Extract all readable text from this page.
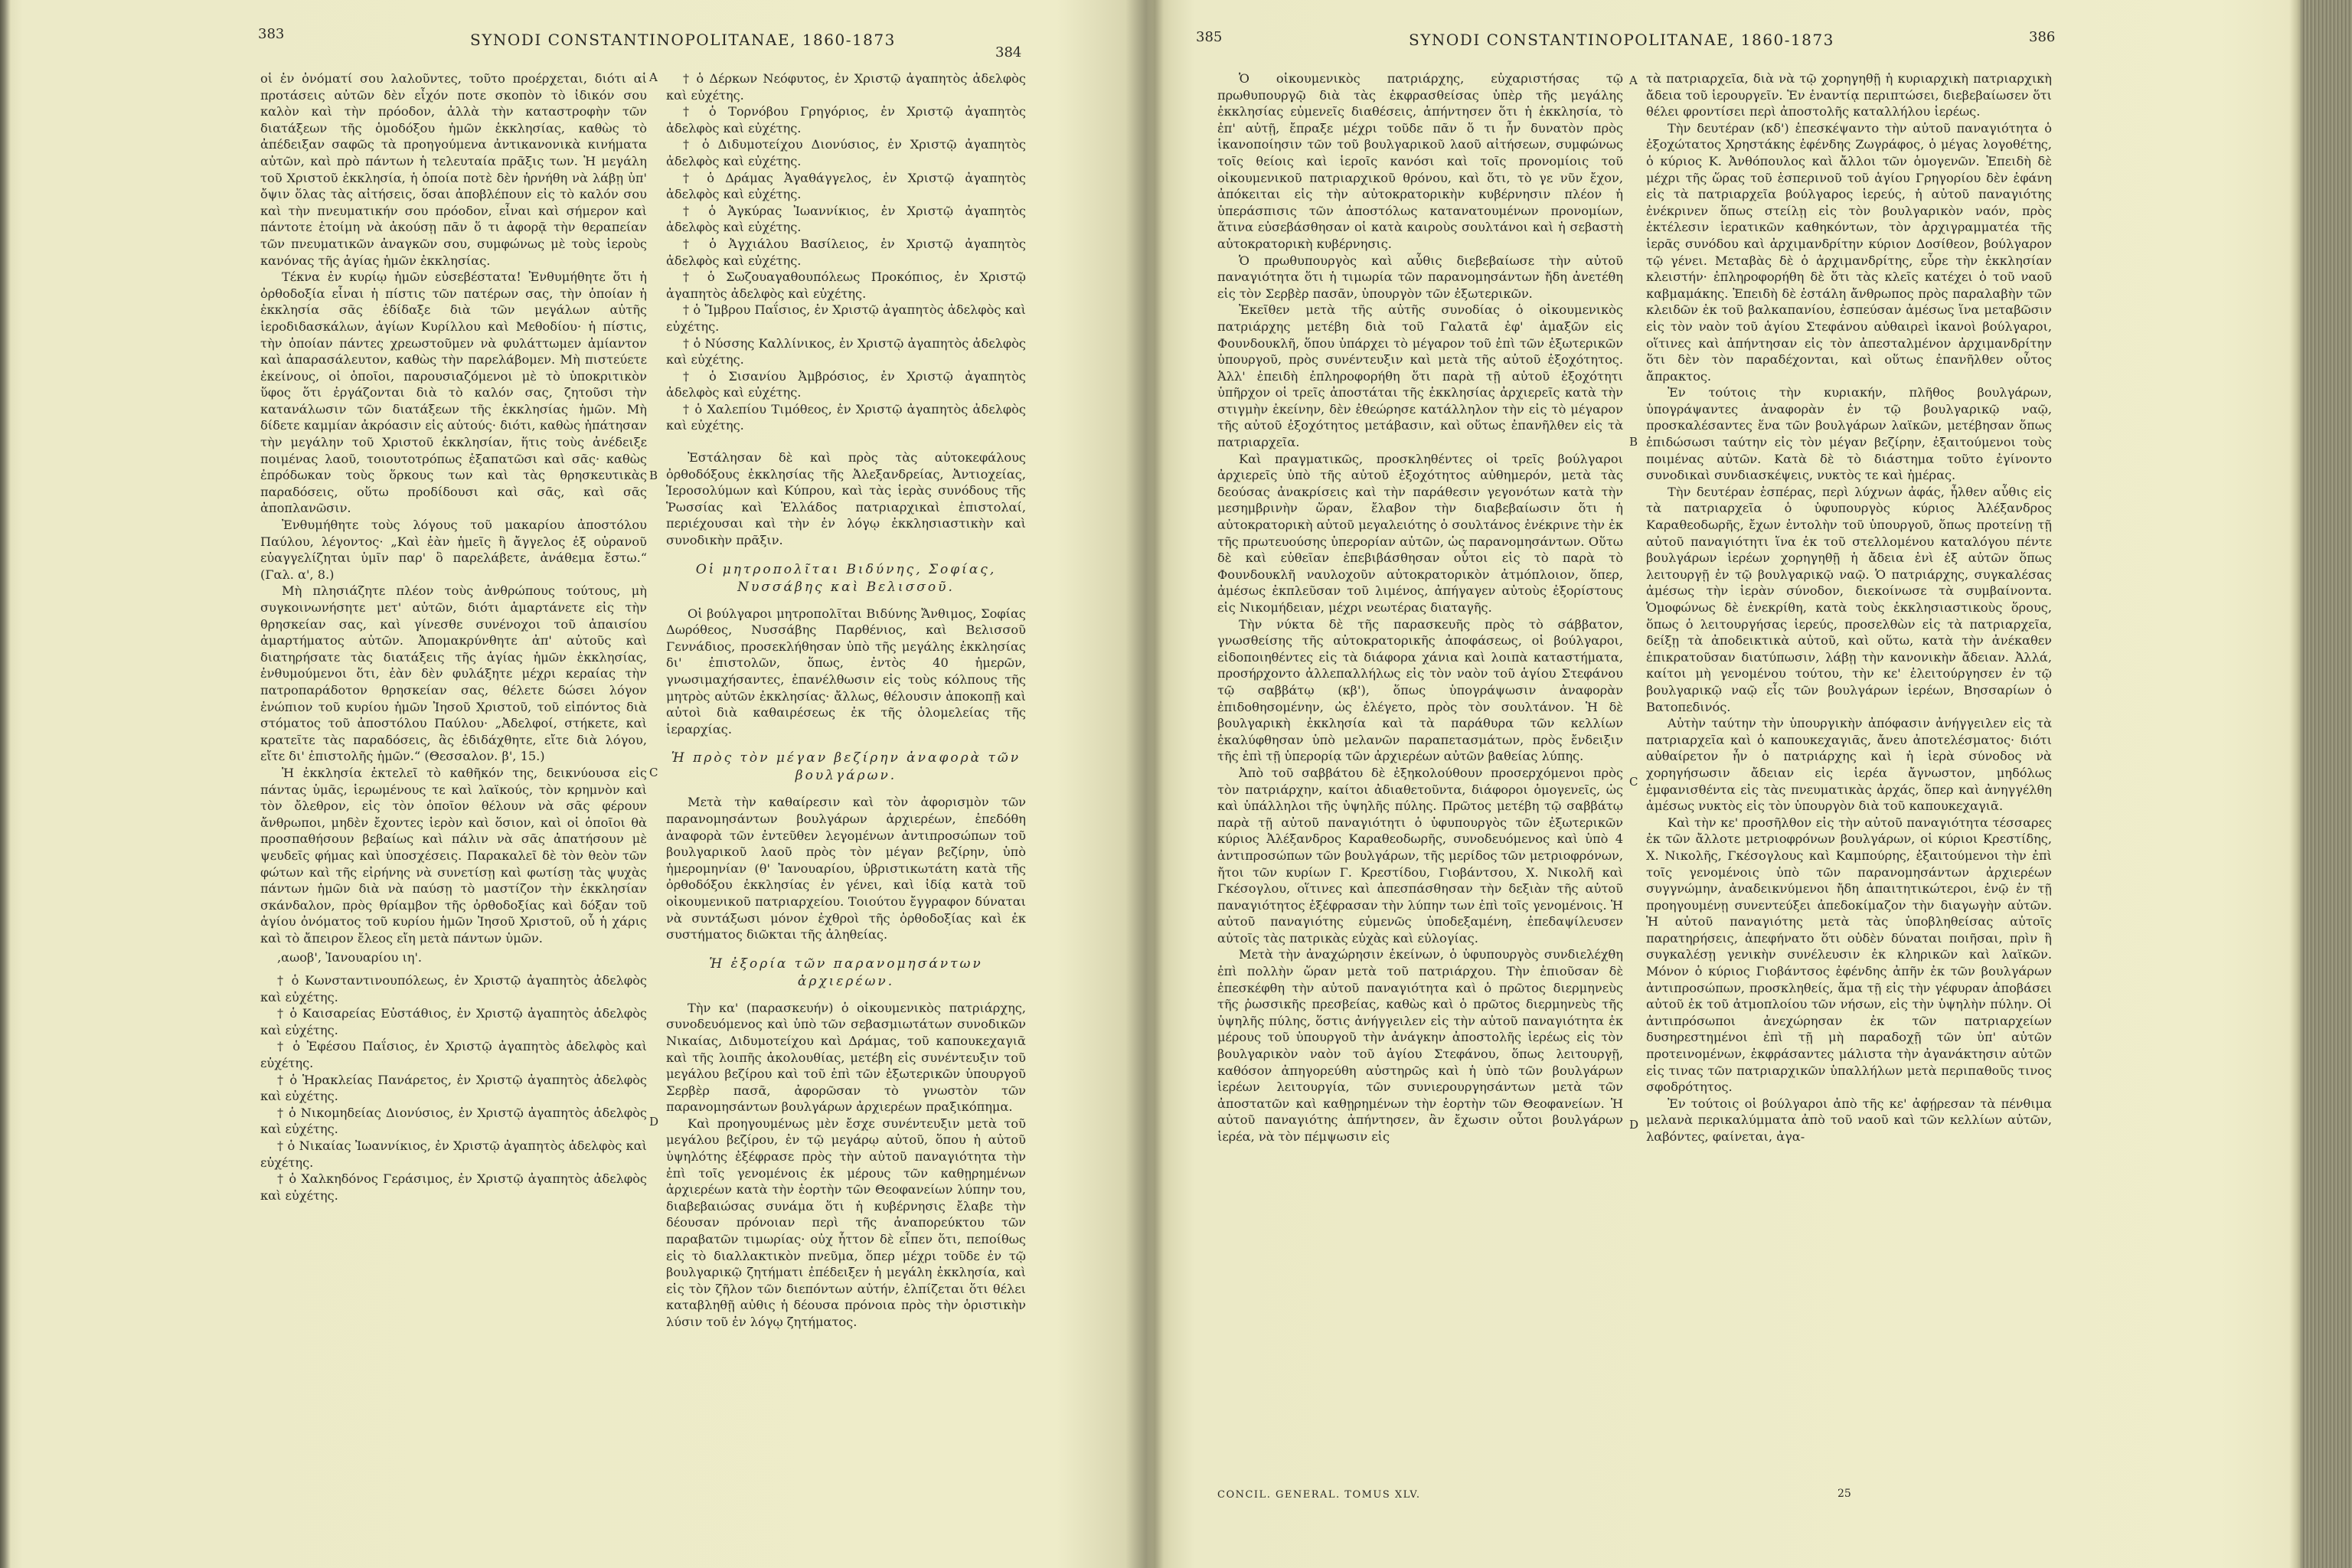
383	SYNODI CONSTANTINOPOLITANAE, 1860-1873
384

οἱ ἐν ὀνόματί σου λαλοῦντες, τοῦτο προέρχεται, διότι αἱ προτάσεις αὐτῶν δὲν εἶχόν ποτε σκοπὸν τὸ ἰδικόν σου καλὸν καὶ τὴν πρόοδον, ἀλλὰ τὴν καταστροφὴν τῶν διατάξεων τῆς ὁμοδόξου ἡμῶν ἐκκλησίας, καθὼς τὸ ἀπέδειξαν σαφῶς τὰ προηγούμενα ἀντικανονικὰ κινήματα αὐτῶν, καὶ πρὸ πάντων ἡ τελευταία πρᾶξις των. Ἡ μεγάλη τοῦ Χριστοῦ ἐκκλησία, ἡ ὁποία ποτὲ δὲν ἠρνήθη νὰ λάβῃ ὑπ' ὄψιν ὅλας τὰς αἰτήσεις, ὅσαι ἀποβλέπουν εἰς τὸ καλόν σου καὶ τὴν πνευματικήν σου πρόοδον, εἶναι καὶ σήμερον καὶ πάντοτε ἑτοίμη νὰ ἀκούσῃ πᾶν ὅ τι ἀφορᾷ τὴν θεραπείαν τῶν πνευματικῶν ἀναγκῶν σου, συμφώνως μὲ τοὺς ἱεροὺς κανόνας τῆς ἁγίας ἡμῶν ἐκκλησίας.

Τέκνα ἐν κυρίῳ ἡμῶν εὐσεβέστατα! Ἐνθυμήθητε ὅτι ἡ ὀρθοδοξία εἶναι ἡ πίστις τῶν πατέρων σας, τὴν ὁποίαν ἡ ἐκκλησία σᾶς ἐδίδαξε διὰ τῶν μεγάλων αὐτῆς ἱεροδιδασκάλων, ἁγίων Κυρίλλου καὶ Μεθοδίου· ἡ πίστις, τὴν ὁποίαν πάντες χρεωστοῦμεν νὰ φυλάττωμεν ἀμίαντον καὶ ἀπαρασάλευτον, καθὼς τὴν παρελάβομεν. Μὴ πιστεύετε ἐκείνους, οἱ ὁποῖοι, παρουσιαζόμενοι μὲ τὸ ὑποκριτικὸν ὕφος ὅτι ἐργάζονται διὰ τὸ καλόν σας, ζητοῦσι τὴν κατανάλωσιν τῶν διατάξεων τῆς ἐκκλησίας ἡμῶν. Μὴ δίδετε καμμίαν ἀκρόασιν εἰς αὐτούς· διότι, καθὼς ἠπάτησαν τὴν μεγάλην τοῦ Χριστοῦ ἐκκλησίαν, ἥτις τοὺς ἀνέδειξε ποιμένας λαοῦ, τοιουτοτρόπως ἐξαπατῶσι καὶ σᾶς· καθὼς ἐπρόδωκαν τοὺς ὅρκους των καὶ τὰς θρησκευτικὰς παραδόσεις, οὕτω προδίδουσι καὶ σᾶς, καὶ σᾶς ἀποπλανῶσιν.

Ἐνθυμήθητε τοὺς λόγους τοῦ μακαρίου ἀποστόλου Παύλου, λέγοντος· „Καὶ ἐὰν ἡμεῖς ἢ ἄγγελος ἐξ οὐρανοῦ εὐαγγελίζηται ὑμῖν παρ' ὃ παρελάβετε, ἀνάθεμα ἔστω.“ (Γαλ. α', 8.)

Μὴ πλησιάζητε πλέον τοὺς ἀνθρώπους τούτους, μὴ συγκοινωνήσητε μετ' αὐτῶν, διότι ἁμαρτάνετε εἰς τὴν θρησκείαν σας, καὶ γίνεσθε συνένοχοι τοῦ ἀπαισίου ἁμαρτήματος αὐτῶν. Ἀπομακρύνθητε ἀπ' αὐτοῦς καὶ διατηρήσατε τὰς διατάξεις τῆς ἁγίας ἡμῶν ἐκκλησίας, ἐνθυμούμενοι ὅτι, ἐὰν δὲν φυλάξητε μέχρι κεραίας τὴν πατροπαράδοτον θρησκείαν σας, θέλετε δώσει λόγον ἐνώπιον τοῦ κυρίου ἡμῶν Ἰησοῦ Χριστοῦ, τοῦ εἰπόντος διὰ στόματος τοῦ ἀποστόλου Παύλου· „Ἀδελφοί, στήκετε, καὶ κρατεῖτε τὰς παραδόσεις, ἃς ἐδιδάχθητε, εἴτε διὰ λόγου, εἴτε δι' ἐπιστολῆς ἡμῶν.“ (Θεσσαλον. β', 15.)

Ἡ ἐκκλησία ἐκτελεῖ τὸ καθῆκόν της, δεικνύουσα εἰς πάντας ὑμᾶς, ἱερωμένους τε καὶ λαϊκούς, τὸν κρημνὸν καὶ τὸν ὄλεθρον, εἰς τὸν ὁποῖον θέλουν νὰ σᾶς φέρουν ἄνθρωποι, μηδὲν ἔχοντες ἱερὸν καὶ ὅσιον, καὶ οἱ ὁποῖοι θὰ προσπαθήσουν βεβαίως καὶ πάλιν νὰ σᾶς ἀπατήσουν μὲ ψευδεῖς φήμας καὶ ὑποσχέσεις. Παρακαλεῖ δὲ τὸν θεὸν τῶν φώτων καὶ τῆς εἰρήνης νὰ συνετίσῃ καὶ φωτίσῃ τὰς ψυχὰς πάντων ἡμῶν διὰ νὰ παύσῃ τὸ μαστίζον τὴν ἐκκλησίαν σκάνδαλον, πρὸς θρίαμβον τῆς ὀρθοδοξίας καὶ δόξαν τοῦ ἁγίου ὀνόματος τοῦ κυρίου ἡμῶν Ἰησοῦ Χριστοῦ, οὗ ἡ χάρις καὶ τὸ ἄπειρον ἔλεος εἴη μετὰ πάντων ὑμῶν.

,αωοβ', Ἰανουαρίου ιη'.

† ὁ Κωνσταντινουπόλεως, ἐν Χριστῷ ἀγαπητὸς ἀδελφὸς καὶ εὐχέτης.

† ὁ Καισαρείας Εὐστάθιος, ἐν Χριστῷ ἀγαπητὸς ἀδελφὸς καὶ εὐχέτης.

† ὁ Ἐφέσου Παΐσιος, ἐν Χριστῷ ἀγαπητὸς ἀδελφὸς καὶ εὐχέτης.

† ὁ Ἡρακλείας Πανάρετος, ἐν Χριστῷ ἀγαπητὸς ἀδελφὸς καὶ εὐχέτης.

† ὁ Νικομηδείας Διονύσιος, ἐν Χριστῷ ἀγαπητὸς ἀδελφὸς καὶ εὐχέτης.

† ὁ Νικαίας Ἰωαννίκιος, ἐν Χριστῷ ἀγαπητὸς ἀδελφὸς καὶ εὐχέτης.

† ὁ Χαλκηδόνος Γεράσιμος, ἐν Χριστῷ ἀγαπητὸς ἀδελφὸς καὶ εὐχέτης.

† ὁ Δέρκων Νεόφυτος, ἐν Χριστῷ ἀγαπητὸς ἀδελφὸς καὶ εὐχέτης.

† ὁ Τορνόβου Γρηγόριος, ἐν Χριστῷ ἀγαπητὸς ἀδελφὸς καὶ εὐχέτης.

† ὁ Διδυμοτείχου Διονύσιος, ἐν Χριστῷ ἀγαπητὸς ἀδελφὸς καὶ εὐχέτης.

† ὁ Δράμας Ἀγαθάγγελος, ἐν Χριστῷ ἀγαπητὸς ἀδελφὸς καὶ εὐχέτης.

† ὁ Ἀγκύρας Ἰωαννίκιος, ἐν Χριστῷ ἀγαπητὸς ἀδελφὸς καὶ εὐχέτης.

† ὁ Ἀγχιάλου Βασίλειος, ἐν Χριστῷ ἀγαπητὸς ἀδελφὸς καὶ εὐχέτης.

† ὁ Σωζουαγαθουπόλεως Προκόπιος, ἐν Χριστῷ ἀγαπητὸς ἀδελφὸς καὶ εὐχέτης.

† ὁ Ἴμβρου Παΐσιος, ἐν Χριστῷ ἀγαπητὸς ἀδελφὸς καὶ εὐχέτης.

† ὁ Νύσσης Καλλίνικος, ἐν Χριστῷ ἀγαπητὸς ἀδελφὸς καὶ εὐχέτης.

† ὁ Σισανίου Ἀμβρόσιος, ἐν Χριστῷ ἀγαπητὸς ἀδελφὸς καὶ εὐχέτης.

† ὁ Χαλεπίου Τιμόθεος, ἐν Χριστῷ ἀγαπητὸς ἀδελφὸς καὶ εὐχέτης.

Ἐστάλησαν δὲ καὶ πρὸς τὰς αὐτοκεφάλους ὀρθοδόξους ἐκκλησίας τῆς Ἀλεξανδρείας, Ἀντιοχείας, Ἱεροσολύμων καὶ Κύπρου, καὶ τὰς ἱερὰς συνόδους τῆς Ῥωσσίας καὶ Ἑλλάδος πατριαρχικαὶ ἐπιστολαί, περιέχουσαι καὶ τὴν ἐν λόγῳ ἐκκλησιαστικὴν καὶ συνοδικὴν πρᾶξιν.

Οἱ μητροπολῖται Βιδύνης, Σοφίας, Νυσσάβης καὶ Βελισσοῦ.

Οἱ βούλγαροι μητροπολῖται Βιδύνης Ἄνθιμος, Σοφίας Δωρόθεος, Νυσσάβης Παρθένιος, καὶ Βελισσοῦ Γεννάδιος, προσεκλήθησαν ὑπὸ τῆς μεγάλης ἐκκλησίας δι' ἐπιστολῶν, ὅπως, ἐντὸς 40 ἡμερῶν, γνωσιμαχήσαντες, ἐπανέλθωσιν εἰς τοὺς κόλπους τῆς μητρὸς αὐτῶν ἐκκλησίας· ἄλλως, θέλουσιν ἀποκοπῇ καὶ αὐτοὶ διὰ καθαιρέσεως ἐκ τῆς ὁλομελείας τῆς ἱεραρχίας.

Ἡ πρὸς τὸν μέγαν βεζίρην ἀναφορὰ τῶν βουλγάρων.

Μετὰ τὴν καθαίρεσιν καὶ τὸν ἀφορισμὸν τῶν παρανομησάντων βουλγάρων ἀρχιερέων, ἐπεδόθη ἀναφορὰ τῶν ἐντεῦθεν λεγομένων ἀντιπροσώπων τοῦ βουλγαρικοῦ λαοῦ πρὸς τὸν μέγαν βεζίρην, ὑπὸ ἡμερομηνίαν (θ' Ἰανουαρίου, ὑβριστικωτάτη κατὰ τῆς ὀρθοδόξου ἐκκλησίας ἐν γένει, καὶ ἰδίᾳ κατὰ τοῦ οἰκουμενικοῦ πατριαρχείου. Τοιούτου ἔγγραφον δύναται νὰ συντάξωσι μόνον ἐχθροὶ τῆς ὀρθοδοξίας καὶ ἐκ συστήματος διῶκται τῆς ἀληθείας.

Ἡ ἐξορία τῶν παρανομησάντων ἀρχιερέων.

Τὴν κα' (παρασκευήν) ὁ οἰκουμενικὸς πατριάρχης, συνοδευόμενος καὶ ὑπὸ τῶν σεβασμιωτάτων συνοδικῶν Νικαίας, Διδυμοτείχου καὶ Δράμας, τοῦ καπουκεχαγιᾶ καὶ τῆς λοιπῆς ἀκολουθίας, μετέβη εἰς συνέντευξιν τοῦ μεγάλου βεζίρου καὶ τοῦ ἐπὶ τῶν ἐξωτερικῶν ὑπουργοῦ Σερβὲρ πασᾶ, ἀφορῶσαν τὸ γνωστὸν τῶν παρανομησάντων βουλγάρων ἀρχιερέων πραξικόπημα.

Καὶ προηγουμένως μὲν ἔσχε συνέντευξιν μετὰ τοῦ μεγάλου βεζίρου, ἐν τῷ μεγάρῳ αὐτοῦ, ὅπου ἡ αὐτοῦ ὑψηλότης ἐξέφρασε πρὸς τὴν αὐτοῦ παναγιότητα τὴν ἐπὶ τοῖς γενομένοις ἐκ μέρους τῶν καθῃρημένων ἀρχιερέων κατὰ τὴν ἑορτὴν τῶν Θεοφανείων λύπην του, διαβεβαιώσας συνάμα ὅτι ἡ κυβέρνησις ἔλαβε τὴν δέουσαν πρόνοιαν περὶ τῆς ἀναπορεύκτου τῶν παραβατῶν τιμωρίας· οὐχ ἧττον δὲ εἶπεν ὅτι, πεποίθως εἰς τὸ διαλλακτικὸν πνεῦμα, ὅπερ μέχρι τοῦδε ἐν τῷ βουλγαρικῷ ζητήματι ἐπέδειξεν ἡ μεγάλη ἐκκλησία, καὶ εἰς τὸν ζῆλον τῶν διεπόντων αὐτήν, ἐλπίζεται ὅτι θέλει καταβληθῇ αὐθις ἡ δέουσα πρόνοια πρὸς τὴν ὁριστικὴν λύσιν τοῦ ἐν λόγῳ ζητήματος.

A
B
C
D
385	SYNODI CONSTANTINOPOLITANAE, 1860-1873	386

Ὁ οἰκουμενικὸς πατριάρχης, εὐχαριστήσας τῷ πρωθυπουργῷ διὰ τὰς ἐκφρασθείσας ὑπὲρ τῆς μεγάλης ἐκκλησίας εὐμενεῖς διαθέσεις, ἀπήντησεν ὅτι ἡ ἐκκλησία, τὸ ἐπ' αὐτῇ, ἔπραξε μέχρι τοῦδε πᾶν ὅ τι ἦν δυνατὸν πρὸς ἱκανοποίησιν τῶν τοῦ βουλγαρικοῦ λαοῦ αἰτήσεων, συμφώνως τοῖς θείοις καὶ ἱεροῖς κανόσι καὶ τοῖς προνομίοις τοῦ οἰκουμενικοῦ πατριαρχικοῦ θρόνου, καὶ ὅτι, τὸ γε νῦν ἔχον, ἀπόκειται εἰς τὴν αὐτοκρατορικὴν κυβέρνησιν πλέον ἡ ὑπεράσπισις τῶν ἀποστόλως κατανατουμένων προνομίων, ἅτινα εὐσεβάσθησαν οἱ κατὰ καιροὺς σουλτάνοι καὶ ἡ σεβαστὴ αὐτοκρατορικὴ κυβέρνησις.

Ὁ πρωθυπουργὸς καὶ αὖθις διεβεβαίωσε τὴν αὐτοῦ παναγιότητα ὅτι ἡ τιμωρία τῶν παρανομησάντων ἤδη ἀνετέθη εἰς τὸν Σερβὲρ πασᾶν, ὑπουργὸν τῶν ἐξωτερικῶν.

Ἐκεῖθεν μετὰ τῆς αὐτῆς συνοδίας ὁ οἰκουμενικὸς πατριάρχης μετέβη διὰ τοῦ Γαλατᾶ ἐφ' ἁμαξῶν εἰς Φουνδουκλῆ, ὅπου ὑπάρχει τὸ μέγαρον τοῦ ἐπὶ τῶν ἐξωτερικῶν ὑπουργοῦ, πρὸς συνέντευξιν καὶ μετὰ τῆς αὐτοῦ ἐξοχότητος. Ἀλλ' ἐπειδὴ ἐπληροφορήθη ὅτι παρὰ τῇ αὐτοῦ ἐξοχότητι ὑπῆρχον οἱ τρεῖς ἀποστάται τῆς ἐκκλησίας ἀρχιερεῖς κατὰ τὴν στιγμὴν ἐκείνην, δὲν ἐθεώρησε κατάλληλον τὴν εἰς τὸ μέγαρον τῆς αὐτοῦ ἐξοχότητος μετάβασιν, καὶ οὕτως ἐπανῆλθεν εἰς τὰ πατριαρχεῖα.

Καὶ πραγματικῶς, προσκληθέντες οἱ τρεῖς βούλγαροι ἀρχιερεῖς ὑπὸ τῆς αὐτοῦ ἐξοχότητος αὐθημερόν, μετὰ τὰς δεούσας ἀνακρίσεις καὶ τὴν παράθεσιν γεγονότων κατὰ τὴν μεσημβρινὴν ὥραν, ἔλαβον τὴν διαβεβαίωσιν ὅτι ἡ αὐτοκρατορικὴ αὐτοῦ μεγαλειότης ὁ σουλτάνος ἐνέκρινε τὴν ἐκ τῆς πρωτευούσης ὑπερορίαν αὐτῶν, ὡς παρανομησάντων. Οὕτω δὲ καὶ εὐθεῖαν ἐπεβιβάσθησαν οὗτοι εἰς τὸ παρὰ τὸ Φουνδουκλῆ ναυλοχοῦν αὐτοκρατορικὸν ἀτμόπλοιον, ὅπερ, ἀμέσως ἐκπλεῦσαν τοῦ λιμένος, ἀπήγαγεν αὐτοὺς ἐξορίστους εἰς Νικομήδειαν, μέχρι νεωτέρας διαταγῆς.

Τὴν νύκτα δὲ τῆς παρασκευῆς πρὸς τὸ σάββατον, γνωσθείσης τῆς αὐτοκρατορικῆς ἀποφάσεως, οἱ βούλγαροι, εἰδοποιηθέντες εἰς τὰ διάφορα χάνια καὶ λοιπὰ καταστήματα, προσήρχοντο ἀλλεπαλλήλως εἰς τὸν ναὸν τοῦ ἁγίου Στεφάνου τῷ σαββάτῳ (κβ'), ὅπως ὑπογράψωσιν ἀναφορὰν ἐπιδοθησομένην, ὡς ἐλέγετο, πρὸς τὸν σουλτάνον. Ἡ δὲ βουλγαρικὴ ἐκκλησία καὶ τὰ παράθυρα τῶν κελλίων ἐκαλύφθησαν ὑπὸ μελανῶν παραπετασμάτων, πρὸς ἔνδειξιν τῆς ἐπὶ τῇ ὑπερορίᾳ τῶν ἀρχιερέων αὐτῶν βαθείας λύπης.

Ἀπὸ τοῦ σαββάτου δὲ ἐξηκολούθουν προσερχόμενοι πρὸς τὸν πατριάρχην, καίτοι ἀδιαθετοῦντα, διάφοροι ὁμογενεῖς, ὡς καὶ ὑπάλληλοι τῆς ὑψηλῆς πύλης. Πρῶτος μετέβη τῷ σαββάτῳ παρὰ τῇ αὐτοῦ παναγιότητι ὁ ὑφυπουργὸς τῶν ἐξωτερικῶν κύριος Ἀλέξανδρος Καραθεοδωρῆς, συνοδευόμενος καὶ ὑπὸ 4 ἀντιπροσώπων τῶν βουλγάρων, τῆς μερίδος τῶν μετριοφρόνων, ἤτοι τῶν κυρίων Γ. Κρεστίδου, Γιοβάντσου, Χ. Νικολῆ καὶ Γκέσογλου, οἵτινες καὶ ἀπεσπάσθησαν τὴν δεξιὰν τῆς αὐτοῦ παναγιότητος ἐξέφρασαν τὴν λύπην των ἐπὶ τοῖς γενομένοις. Ἡ αὐτοῦ παναγιότης εὐμενῶς ὑποδεξαμένη, ἐπεδαψίλευσεν αὐτοῖς τὰς πατρικὰς εὐχὰς καὶ εὐλογίας.

Μετὰ τὴν ἀναχώρησιν ἐκείνων, ὁ ὑφυπουργὸς συνδιελέχθη ἐπὶ πολλὴν ὥραν μετὰ τοῦ πατριάρχου. Τὴν ἐπιοῦσαν δὲ ἐπεσκέφθη τὴν αὐτοῦ παναγιότητα καὶ ὁ πρῶτος διερμηνεὺς τῆς ῥωσσικῆς πρεσβείας, καθὼς καὶ ὁ πρῶτος διερμηνεὺς τῆς ὑψηλῆς πύλης, ὅστις ἀνήγγειλεν εἰς τὴν αὐτοῦ παναγιότητα ἐκ μέρους τοῦ ὑπουργοῦ τὴν ἀνάγκην ἀποστολῆς ἱερέως εἰς τὸν βουλγαρικὸν ναὸν τοῦ ἁγίου Στεφάνου, ὅπως λειτουργῇ, καθόσον ἀπηγορεύθη αὐστηρῶς καὶ ἡ ὑπὸ τῶν βουλγάρων ἱερέων λειτουργία, τῶν συνιερουργησάντων μετὰ τῶν ἀποστατῶν καὶ καθῃρημένων τὴν ἑορτὴν τῶν Θεοφανείων. Ἡ αὐτοῦ παναγιότης ἀπήντησεν, ἂν ἔχωσιν οὗτοι βουλγάρων ἱερέα, νὰ τὸν πέμψωσιν εἰς

τὰ πατριαρχεῖα, διὰ νὰ τῷ χορηγηθῇ ἡ κυριαρχικὴ πατριαρχικὴ ἄδεια τοῦ ἱερουργεῖν. Ἐν ἐναντίᾳ περιπτώσει, διεβεβαίωσεν ὅτι θέλει φροντίσει περὶ ἀποστολῆς καταλλήλου ἱερέως.

Τὴν δευτέραν (κδ') ἐπεσκέψαντο τὴν αὐτοῦ παναγιότητα ὁ ἐξοχώτατος Χρηστάκης ἐφένδης Ζωγράφος, ὁ μέγας λογοθέτης, ὁ κύριος Κ. Ἀνθόπουλος καὶ ἄλλοι τῶν ὁμογενῶν. Ἐπειδὴ δὲ μέχρι τῆς ὥρας τοῦ ἑσπερινοῦ τοῦ ἁγίου Γρηγορίου δὲν ἐφάνη εἰς τὰ πατριαρχεῖα βούλγαρος ἱερεύς, ἡ αὐτοῦ παναγιότης ἐνέκρινεν ὅπως στείλῃ εἰς τὸν βουλγαρικὸν ναόν, πρὸς ἐκτέλεσιν ἱερατικῶν καθηκόντων, τὸν ἀρχιγραμματέα τῆς ἱερᾶς συνόδου καὶ ἀρχιμανδρίτην κύριον Δοσίθεον, βούλγαρον τῷ γένει. Μεταβὰς δὲ ὁ ἀρχιμανδρίτης, εὗρε τὴν ἐκκλησίαν κλειστήν· ἐπληροφορήθη δὲ ὅτι τὰς κλεῖς κατέχει ὁ τοῦ ναοῦ καβμαμάκης. Ἐπειδὴ δὲ ἐστάλη ἄνθρωπος πρὸς παραλαβὴν τῶν κλειδῶν ἐκ τοῦ βαλκαπανίου, ἐσπεύσαν ἀμέσως ἵνα μεταβῶσιν εἰς τὸν ναὸν τοῦ ἁγίου Στεφάνου αὐθαιρεὶ ἱκανοὶ βούλγαροι, οἵτινες καὶ ἀπήντησαν εἰς τὸν ἀπεσταλμένον ἀρχιμανδρίτην ὅτι δὲν τὸν παραδέχονται, καὶ οὕτως ἐπανῆλθεν οὗτος ἄπρακτος.

Ἐν τούτοις τὴν κυριακήν, πλῆθος βουλγάρων, ὑπογράψαντες ἀναφορὰν ἐν τῷ βουλγαρικῷ ναῷ, προσκαλέσαντες ἕνα τῶν βουλγάρων λαϊκῶν, μετέβησαν ὅπως ἐπιδώσωσι ταύτην εἰς τὸν μέγαν βεζίρην, ἐξαιτούμενοι τοὺς ποιμένας αὐτῶν. Κατὰ δὲ τὸ διάστημα τοῦτο ἐγίνοντο συνοδικαὶ συνδιασκέψεις, νυκτὸς τε καὶ ἡμέρας.

Τὴν δευτέραν ἑσπέρας, περὶ λύχνων ἀφάς, ἦλθεν αὖθις εἰς τὰ πατριαρχεῖα ὁ ὑφυπουργὸς κύριος Ἀλέξανδρος Καραθεοδωρῆς, ἔχων ἐντολὴν τοῦ ὑπουργοῦ, ὅπως προτείνῃ τῇ αὐτοῦ παναγιότητι ἵνα ἐκ τοῦ στελλομένου καταλόγου πέντε βουλγάρων ἱερέων χορηγηθῇ ἡ ἄδεια ἑνὶ ἐξ αὐτῶν ὅπως λειτουργῇ ἐν τῷ βουλγαρικῷ ναῷ. Ὁ πατριάρχης, συγκαλέσας ἀμέσως τὴν ἱερὰν σύνοδον, διεκοίνωσε τὰ συμβαίνοντα. Ὁμοφώνως δὲ ἐνεκρίθη, κατὰ τοὺς ἐκκλησιαστικοὺς ὅρους, ὅπως ὁ λειτουργήσας ἱερεύς, προσελθὼν εἰς τὰ πατριαρχεῖα, δείξῃ τὰ ἀποδεικτικὰ αὐτοῦ, καὶ οὕτω, κατὰ τὴν ἀνέκαθεν ἐπικρατοῦσαν διατύπωσιν, λάβῃ τὴν κανονικὴν ἄδειαν. Ἀλλά, καίτοι μὴ γενομένου τούτου, τὴν κε' ἐλειτούργησεν ἐν τῷ βουλγαρικῷ ναῷ εἷς τῶν βουλγάρων ἱερέων, Βησσαρίων ὁ Βατοπεδινός.

Αὐτὴν ταύτην τὴν ὑπουργικὴν ἀπόφασιν ἀνήγγειλεν εἰς τὰ πατριαρχεῖα καὶ ὁ καπουκεχαγιᾶς, ἄνευ ἀποτελέσματος· διότι αὐθαίρετον ἦν ὁ πατριάρχης καὶ ἡ ἱερὰ σύνοδος νὰ χορηγήσωσιν ἄδειαν εἰς ἱερέα ἄγνωστον, μηδόλως ἐμφανισθέντα εἰς τὰς πνευματικὰς ἀρχάς, ὅπερ καὶ ἀνηγγέλθη ἀμέσως νυκτὸς εἰς τὸν ὑπουργὸν διὰ τοῦ καπουκεχαγιᾶ.

Καὶ τὴν κε' προσῆλθον εἰς τὴν αὐτοῦ παναγιότητα τέσσαρες ἐκ τῶν ἄλλοτε μετριοφρόνων βουλγάρων, οἱ κύριοι Κρεστίδης, Χ. Νικολῆς, Γκέσογλους καὶ Καμπούρης, ἐξαιτούμενοι τὴν ἐπὶ τοῖς γενομένοις ὑπὸ τῶν παρανομησάντων ἀρχιερέων συγγνώμην, ἀναδεικνύμενοι ἤδη ἀπαιτητικώτεροι, ἐνῷ ἐν τῇ προηγουμένῃ συνεντεύξει ἀπεδοκίμαζον τὴν διαγωγὴν αὐτῶν. Ἡ αὐτοῦ παναγιότης μετὰ τὰς ὑποβληθείσας αὐτοῖς παρατηρήσεις, ἀπεφήνατο ὅτι οὐδὲν δύναται ποιῆσαι, πρὶν ἢ συγκαλέσῃ γενικὴν συνέλευσιν ἐκ κληρικῶν καὶ λαϊκῶν. Μόνον ὁ κύριος Γιοβάντσος ἐφένδης ἀπῆν ἐκ τῶν βουλγάρων ἀντιπροσώπων, προσκληθείς, ἅμα τῇ εἰς τὴν γέφυραν ἀποβάσει αὐτοῦ ἐκ τοῦ ἀτμοπλοίου τῶν νήσων, εἰς τὴν ὑψηλὴν πύλην. Οἱ ἀντιπρόσωποι ἀνεχώρησαν ἐκ τῶν πατριαρχείων δυσηρεστημένοι ἐπὶ τῇ μὴ παραδοχῇ τῶν ὑπ' αὐτῶν προτεινομένων, ἐκφράσαντες μάλιστα τὴν ἀγανάκτησιν αὐτῶν εἰς τινας τῶν πατριαρχικῶν ὑπαλλήλων μετὰ περιπαθοῦς τινος σφοδρότητος.

Ἐν τούτοις οἱ βούλγαροι ἀπὸ τῆς κε' ἀφῄρεσαν τὰ πένθιμα μελανὰ περικαλύμματα ἀπὸ τοῦ ναοῦ καὶ τῶν κελλίων αὐτῶν, λαβόντες, φαίνεται, ἀγα-

A
B
C
D
CONCIL. GENERAL. TOMUS XLV.	25
